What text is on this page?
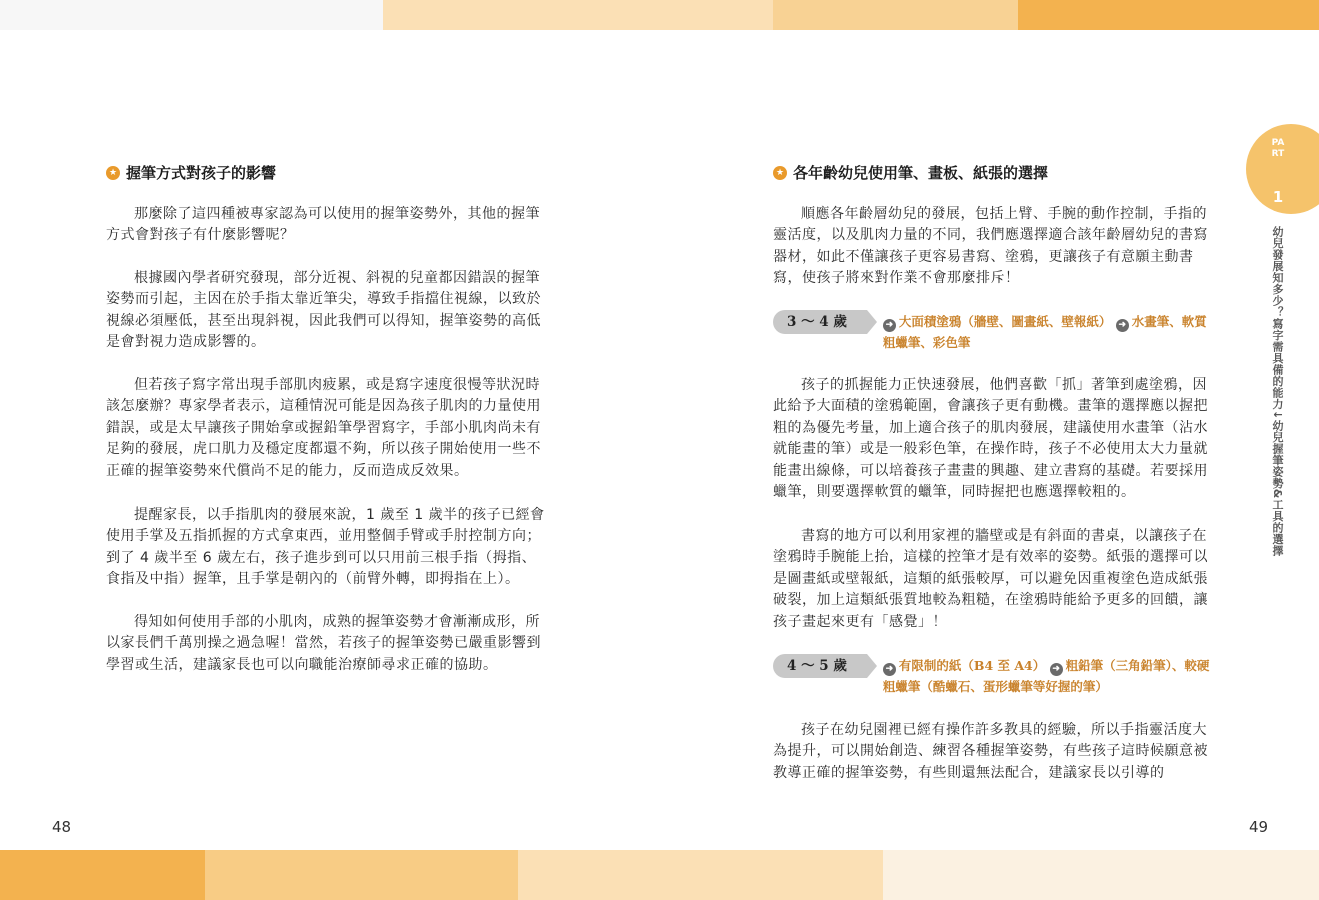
★ 握筆方式對孩子的影響

那麼除了這四種被專家認為可以使用的握筆姿勢外，其他的握筆方式會對孩子有什麼影響呢？

根據國內學者研究發現，部分近視、斜視的兒童都因錯誤的握筆姿勢而引起，主因在於手指太靠近筆尖，導致手指擋住視線，以致於視線必須壓低，甚至出現斜視，因此我們可以得知，握筆姿勢的高低是會對視力造成影響的。

但若孩子寫字常出現手部肌肉疲累，或是寫字速度很慢等狀況時該怎麼辦？專家學者表示，這種情況可能是因為孩子肌肉的力量使用錯誤，或是太早讓孩子開始拿或握鉛筆學習寫字，手部小肌肉尚未有足夠的發展，虎口肌力及穩定度都還不夠，所以孩子開始使用一些不正確的握筆姿勢來代償尚不足的能力，反而造成反效果。

提醒家長，以手指肌肉的發展來說，1 歲至 1 歲半的孩子已經會使用手掌及五指抓握的方式拿東西，並用整個手臂或手肘控制方向；到了 4 歲半至 6 歲左右，孩子進步到可以只用前三根手指（拇指、食指及中指）握筆，且手掌是朝內的（前臂外轉，即拇指在上）。

得知如何使用手部的小肌肉，成熟的握筆姿勢才會漸漸成形，所以家長們千萬別操之過急喔！當然，若孩子的握筆姿勢已嚴重影響到學習或生活，建議家長也可以向職能治療師尋求正確的協助。

48
★ 各年齡幼兒使用筆、畫板、紙張的選擇

順應各年齡層幼兒的發展，包括上臂、手腕的動作控制，手指的靈活度，以及肌肉力量的不同，我們應選擇適合該年齡層幼兒的書寫器材，如此不僅讓孩子更容易書寫、塗鴉，更讓孩子有意願主動書寫，使孩子將來對作業不會那麼排斥！

3 ～ 4 歲	➜ 大面積塗鴉（牆壁、圖畫紙、壁報紙） ➜ 水畫筆、軟質粗蠟筆、彩色筆

孩子的抓握能力正快速發展，他們喜歡「抓」著筆到處塗鴉，因此給予大面積的塗鴉範圍，會讓孩子更有動機。畫筆的選擇應以握把粗的為優先考量，加上適合孩子的肌肉發展，建議使用水畫筆（沾水就能畫的筆）或是一般彩色筆，在操作時，孩子不必使用太大力量就能畫出線條，可以培養孩子畫畫的興趣、建立書寫的基礎。若要採用蠟筆，則要選擇軟質的蠟筆，同時握把也應選擇較粗的。

書寫的地方可以利用家裡的牆壁或是有斜面的書桌，以讓孩子在塗鴉時手腕能上抬，這樣的控筆才是有效率的姿勢。紙張的選擇可以是圖畫紙或壁報紙，這類的紙張較厚，可以避免因重複塗色造成紙張破裂，加上這類紙張質地較為粗糙，在塗鴉時能給予更多的回饋，讓孩子畫起來更有「感覺」！

4 ～ 5 歲	➜ 有限制的紙（B4 至 A4） ➜ 粗鉛筆（三角鉛筆）、較硬粗蠟筆（酷蠟石、蛋形蠟筆等好握的筆）

孩子在幼兒園裡已經有操作許多教具的經驗，所以手指靈活度大為提升，可以開始創造、練習各種握筆姿勢，有些孩子這時候願意被教導正確的握筆姿勢，有些則還無法配合，建議家長以引導的

49
PART
1
幼兒發展知多少？寫字需具備的能力↓幼兒握筆姿勢&工具的選擇
